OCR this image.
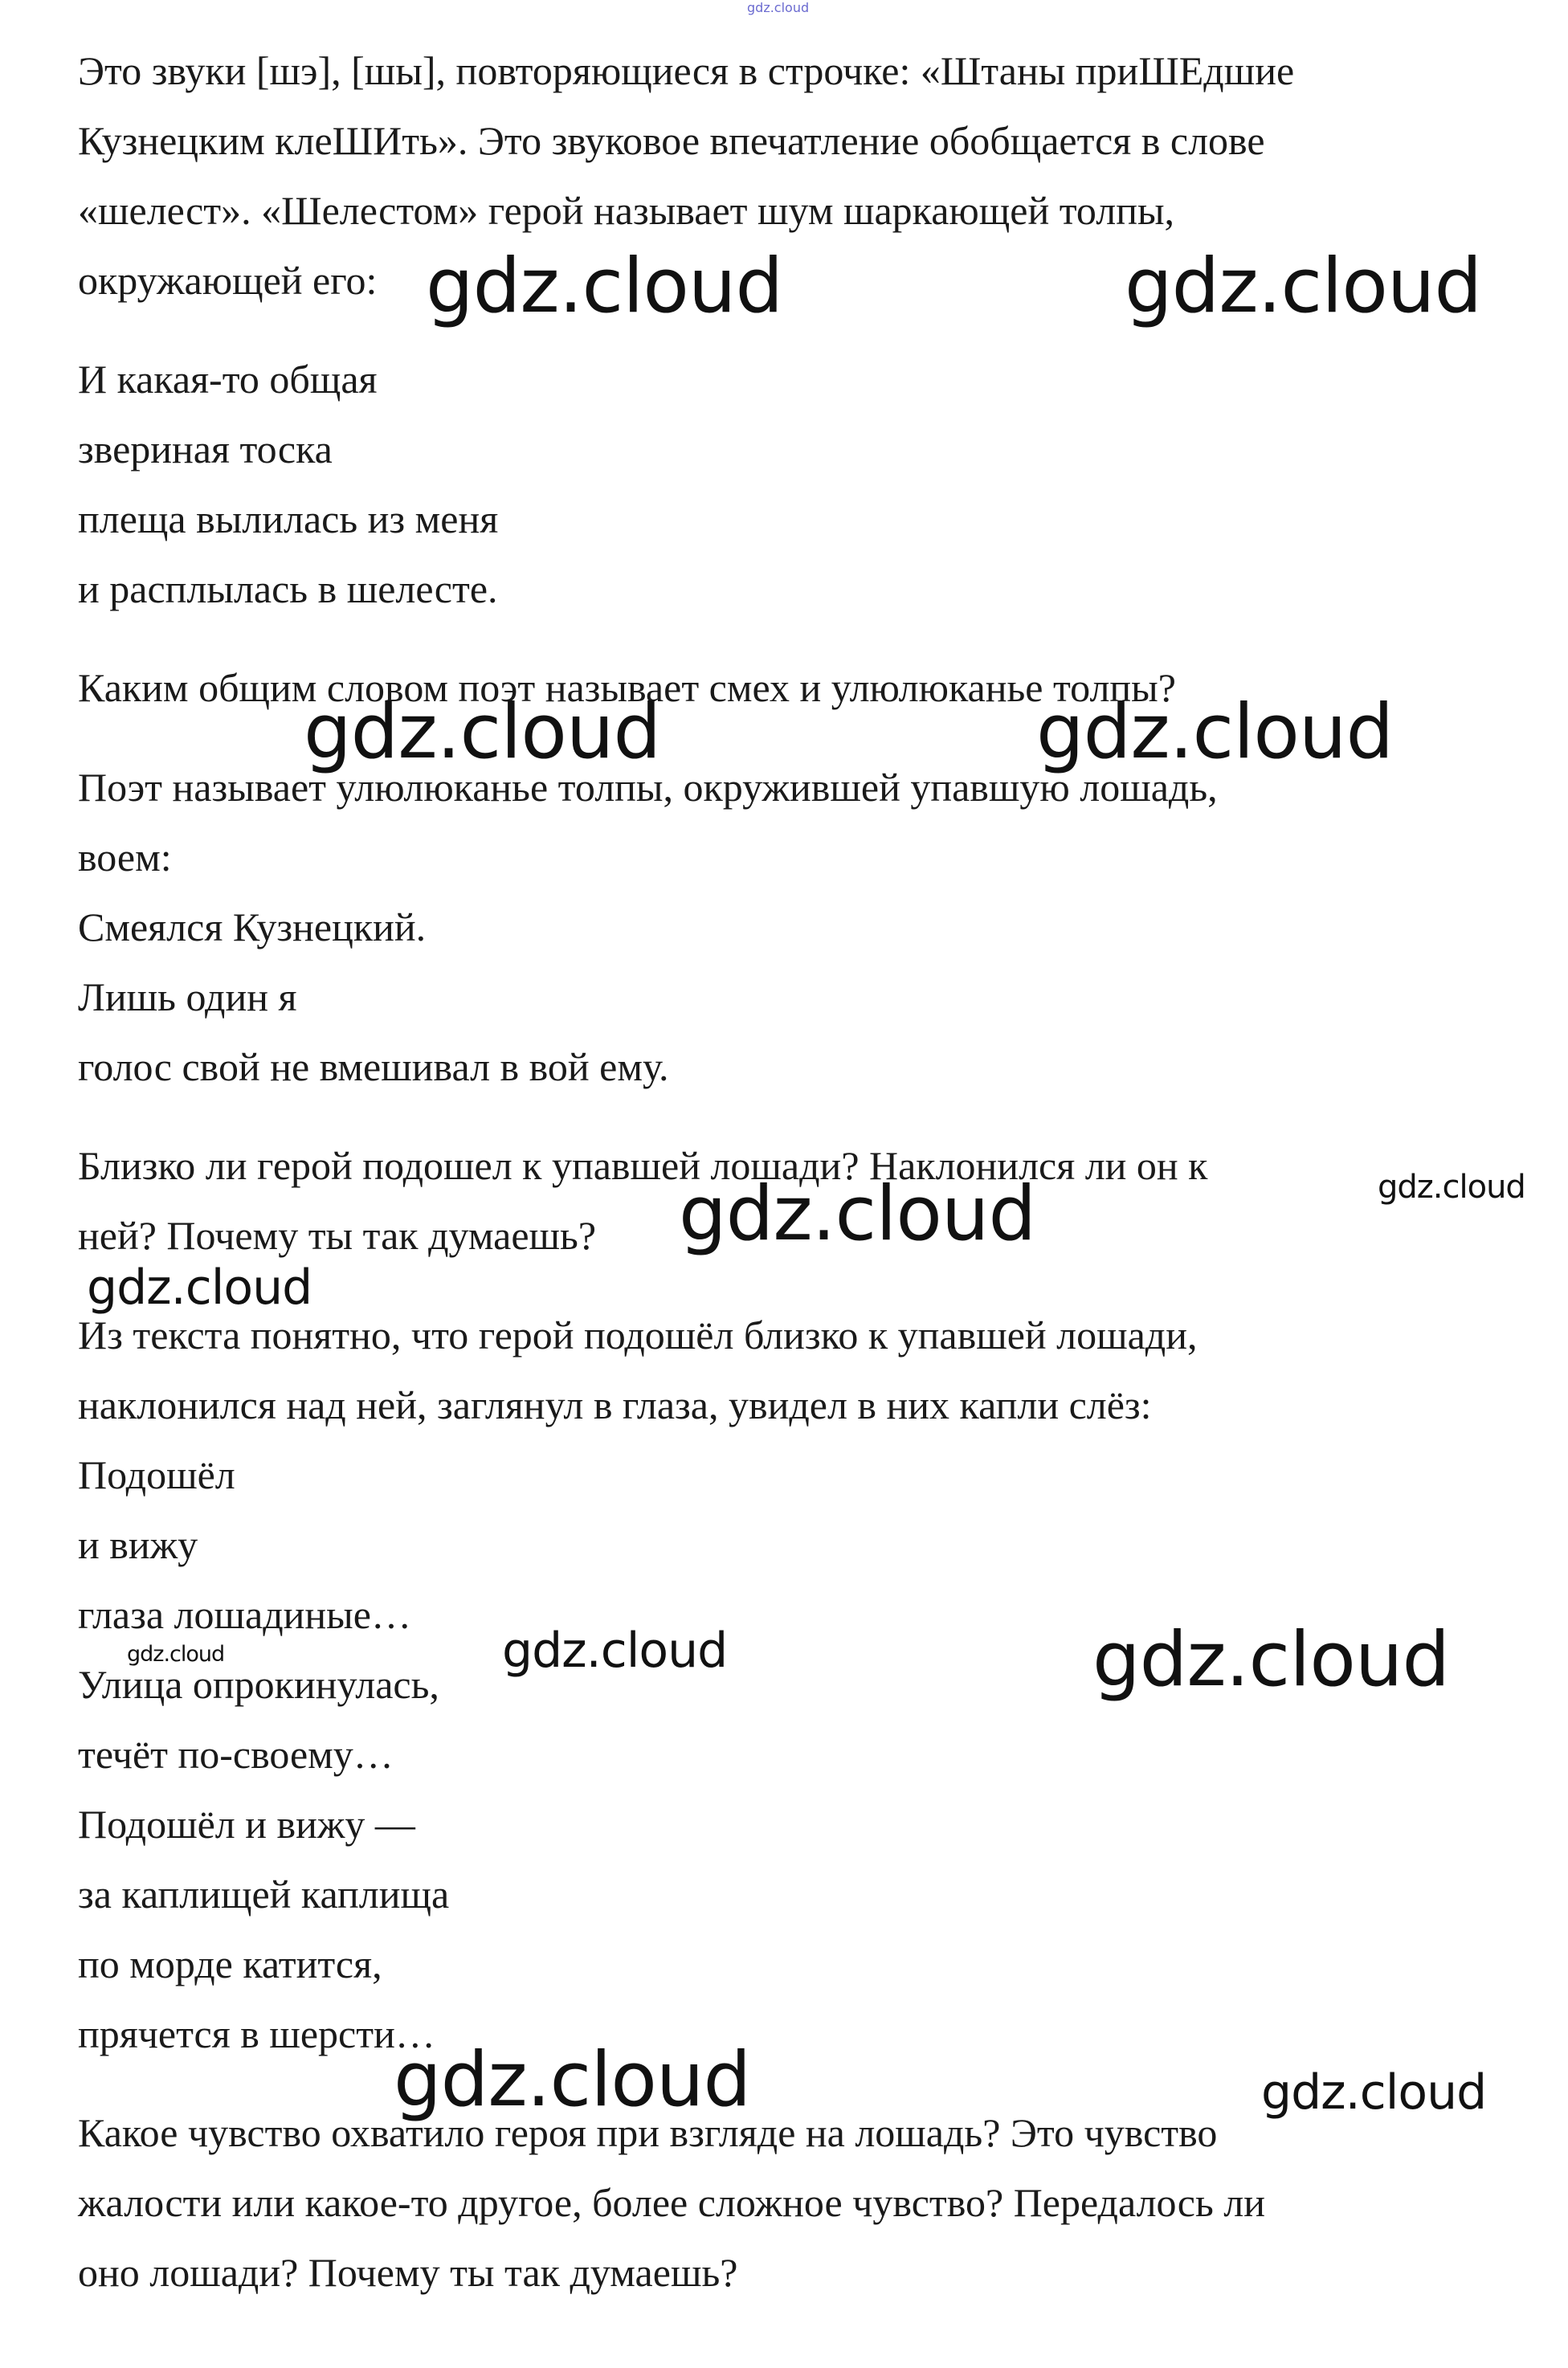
gdz.cloud
Это звуки [шэ], [шы], повторяющиеся в строчке: «Штаны приШЕдшие
Кузнецким клеШИть». Это звуковое впечатление обобщается в слове
«шелест». «Шелестом» герой называет шум шаркающей толпы,
окружающей его:
И какая-то общая
звериная тоска
плеща вылилась из меня
и расплылась в шелесте.
Каким общим словом поэт называет смех и улюлюканье толпы?
Поэт называет улюлюканье толпы, окружившей упавшую лошадь,
воем:
Смеялся Кузнецкий.
Лишь один я
голос свой не вмешивал в вой ему.
Близко ли герой подошел к упавшей лошади? Наклонился ли он к
ней? Почему ты так думаешь?
Из текста понятно, что герой подошёл близко к упавшей лошади,
наклонился над ней, заглянул в глаза, увидел в них капли слёз:
Подошёл
и вижу
глаза лошадиные…
Улица опрокинулась,
течёт по-своему…
Подошёл и вижу —
за каплищей каплища
по морде катится,
прячется в шерсти…
Какое чувство охватило героя при взгляде на лошадь? Это чувство
жалости или какое-то другое, более сложное чувство? Передалось ли
оно лошади? Почему ты так думаешь?
gdz.cloud	gdz.cloud
gdz.cloud	gdz.cloud
gdz.cloud	gdz.cloud
gdz.cloud
gdz.cloud
gdz.cloud	gdz.cloud
gdz.cloud	gdz.cloud
